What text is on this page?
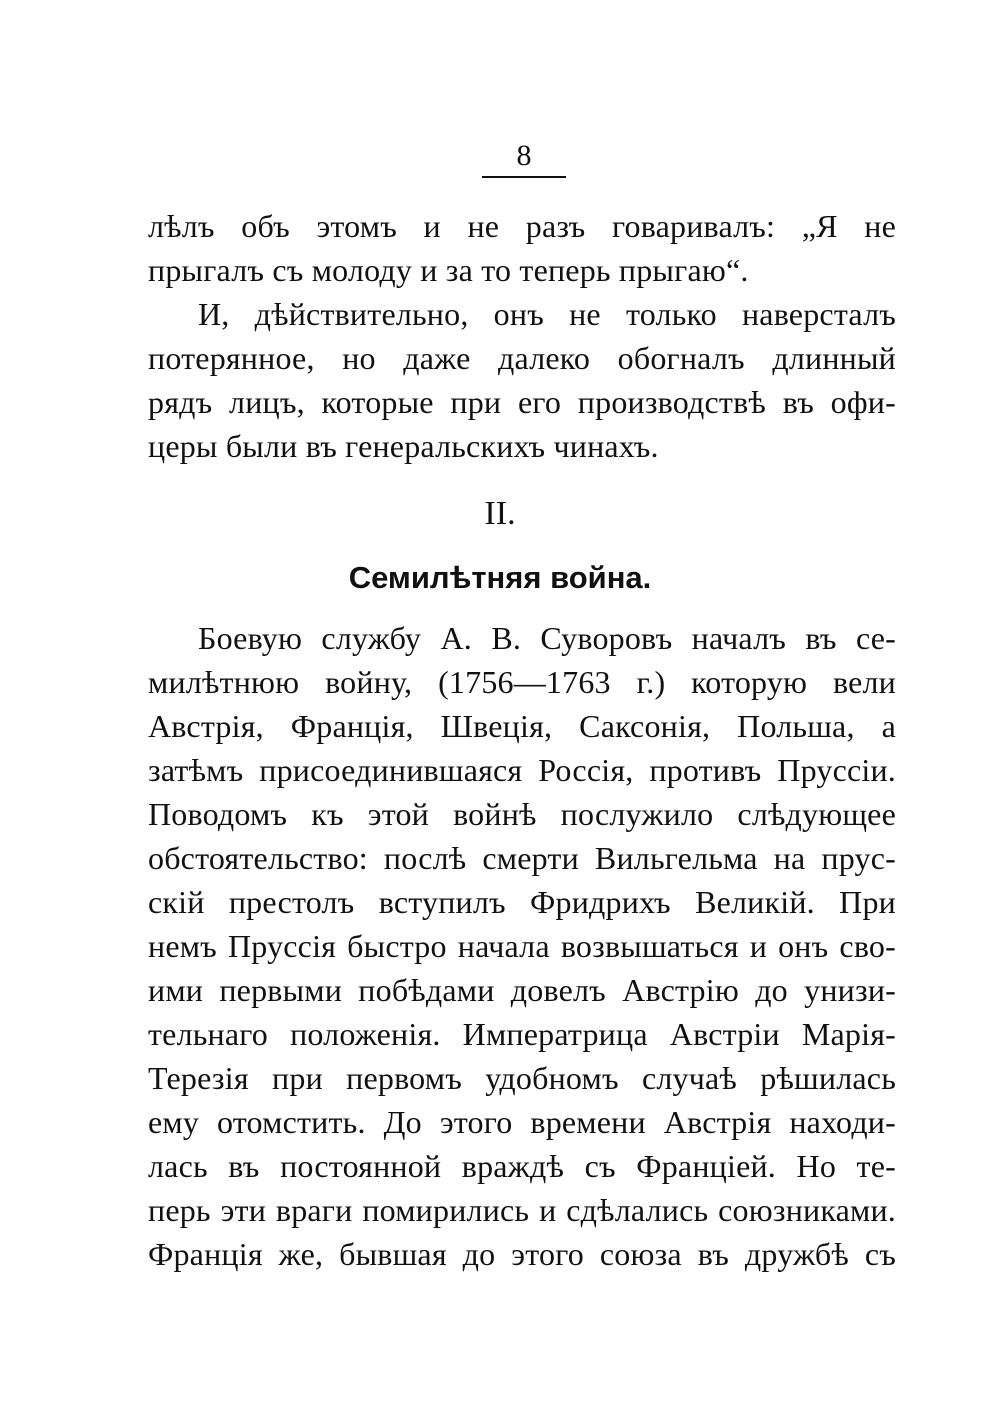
8
лѣлъ объ этомъ и не разъ говаривалъ: „Я не
прыгалъ съ молоду и за то теперь прыгаю“.
И, дѣйствительно, онъ не только наверсталъ
потерянное, но даже далеко обогналъ длинный
рядъ лицъ, которые при его производствѣ въ офи-
церы были въ генеральскихъ чинахъ.
II.
Семилѣтняя война.
Боевую службу А. В. Суворовъ началъ въ се-
милѣтнюю войну, (1756—1763 г.) которую вели
Австрія, Франція, Швеція, Саксонія, Польша, а
затѣмъ присоединившаяся Россія, противъ Пруссіи.
Поводомъ къ этой войнѣ послужило слѣдующее
обстоятельство: послѣ смерти Вильгельма на прус-
скій престолъ вступилъ Фридрихъ Великій. При
немъ Пруссія быстро начала возвышаться и онъ сво-
ими первыми побѣдами довелъ Австрію до унизи-
тельнаго положенія. Императрица Австріи Марія-
Терезія при первомъ удобномъ случаѣ рѣшилась
ему отомстить. До этого времени Австрія находи-
лась въ постоянной враждѣ съ Франціей. Но те-
перь эти враги помирились и сдѣлались союзниками.
Франція же, бывшая до этого союза въ дружбѣ съ
